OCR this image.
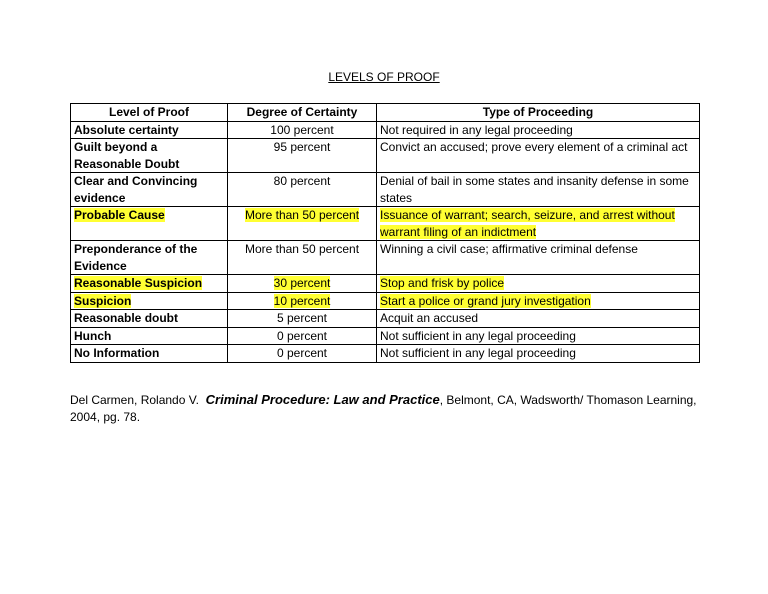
LEVELS OF PROOF
Level of Proof	Degree of Certainty	Type of Proceeding
Absolute certainty	100 percent	Not required in any legal proceeding
Guilt beyond a Reasonable Doubt	95 percent	Convict an accused; prove every element of a criminal act
Clear and Convincing evidence	80 percent	Denial of bail in some states and insanity defense in some states
Probable Cause	More than 50 percent	Issuance of warrant; search, seizure, and arrest without warrant filing of an indictment
Preponderance of the Evidence	More than 50 percent	Winning a civil case; affirmative criminal defense
Reasonable Suspicion	30 percent	Stop and frisk by police
Suspicion	10 percent	Start a police or grand jury investigation
Reasonable doubt	5 percent	Acquit an accused
Hunch	0 percent	Not sufficient in any legal proceeding
No Information	0 percent	Not sufficient in any legal proceeding
Del Carmen, Rolando V. Criminal Procedure: Law and Practice, Belmont, CA, Wadsworth/ Thomason Learning, 2004, pg. 78.
